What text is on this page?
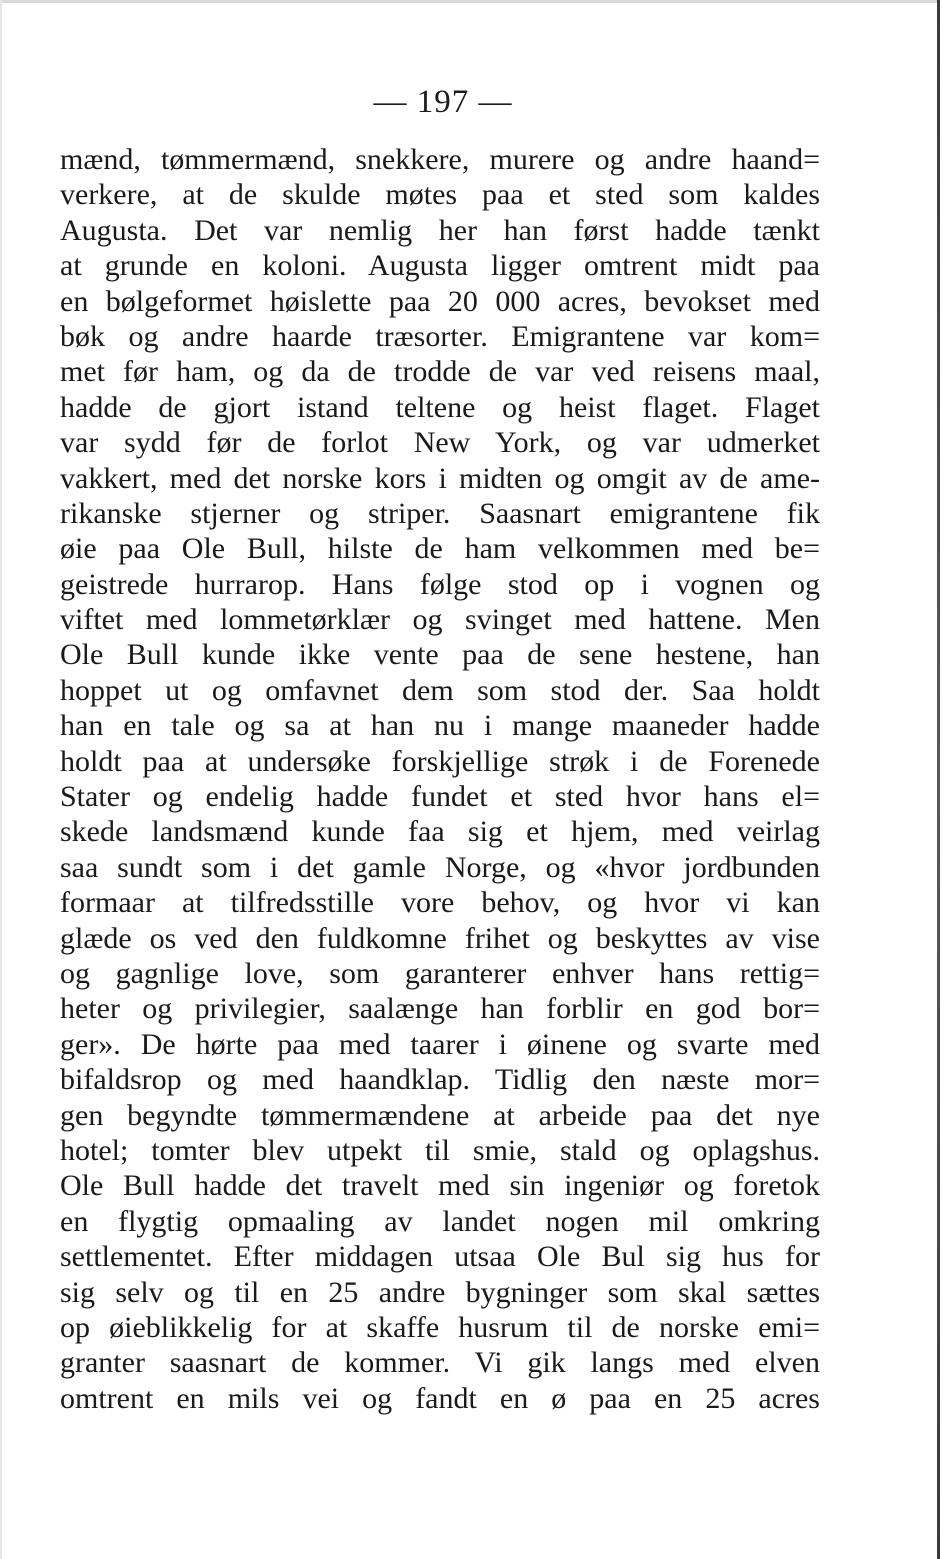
— 197 —
mænd, tømmermænd, snekkere, murere og andre haand=
verkere, at de skulde møtes paa et sted som kaldes
Augusta. Det var nemlig her han først hadde tænkt
at grunde en koloni. Augusta ligger omtrent midt paa
en bølgeformet høislette paa 20 000 acres, bevokset med
bøk og andre haarde træsorter. Emigrantene var kom=
met før ham, og da de trodde de var ved reisens maal,
hadde de gjort istand teltene og heist flaget. Flaget
var sydd før de forlot New York, og var udmerket
vakkert, med det norske kors i midten og omgit av de ame-
rikanske stjerner og striper. Saasnart emigrantene fik
øie paa Ole Bull, hilste de ham velkommen med be=
geistrede hurrarop. Hans følge stod op i vognen og
viftet med lommetørklær og svinget med hattene. Men
Ole Bull kunde ikke vente paa de sene hestene, han
hoppet ut og omfavnet dem som stod der. Saa holdt
han en tale og sa at han nu i mange maaneder hadde
holdt paa at undersøke forskjellige strøk i de Forenede
Stater og endelig hadde fundet et sted hvor hans el=
skede landsmænd kunde faa sig et hjem, med veirlag
saa sundt som i det gamle Norge, og «hvor jordbunden
formaar at tilfredsstille vore behov, og hvor vi kan
glæde os ved den fuldkomne frihet og beskyttes av vise
og gagnlige love, som garanterer enhver hans rettig=
heter og privilegier, saalænge han forblir en god bor=
ger». De hørte paa med taarer i øinene og svarte med
bifaldsrop og med haandklap. Tidlig den næste mor=
gen begyndte tømmermændene at arbeide paa det nye
hotel; tomter blev utpekt til smie, stald og oplagshus.
Ole Bull hadde det travelt med sin ingeniør og foretok
en flygtig opmaaling av landet nogen mil omkring
settlementet. Efter middagen utsaa Ole Bul sig hus for
sig selv og til en 25 andre bygninger som skal sættes
op øieblikkelig for at skaffe husrum til de norske emi=
granter saasnart de kommer. Vi gik langs med elven
omtrent en mils vei og fandt en ø paa en 25 acres
